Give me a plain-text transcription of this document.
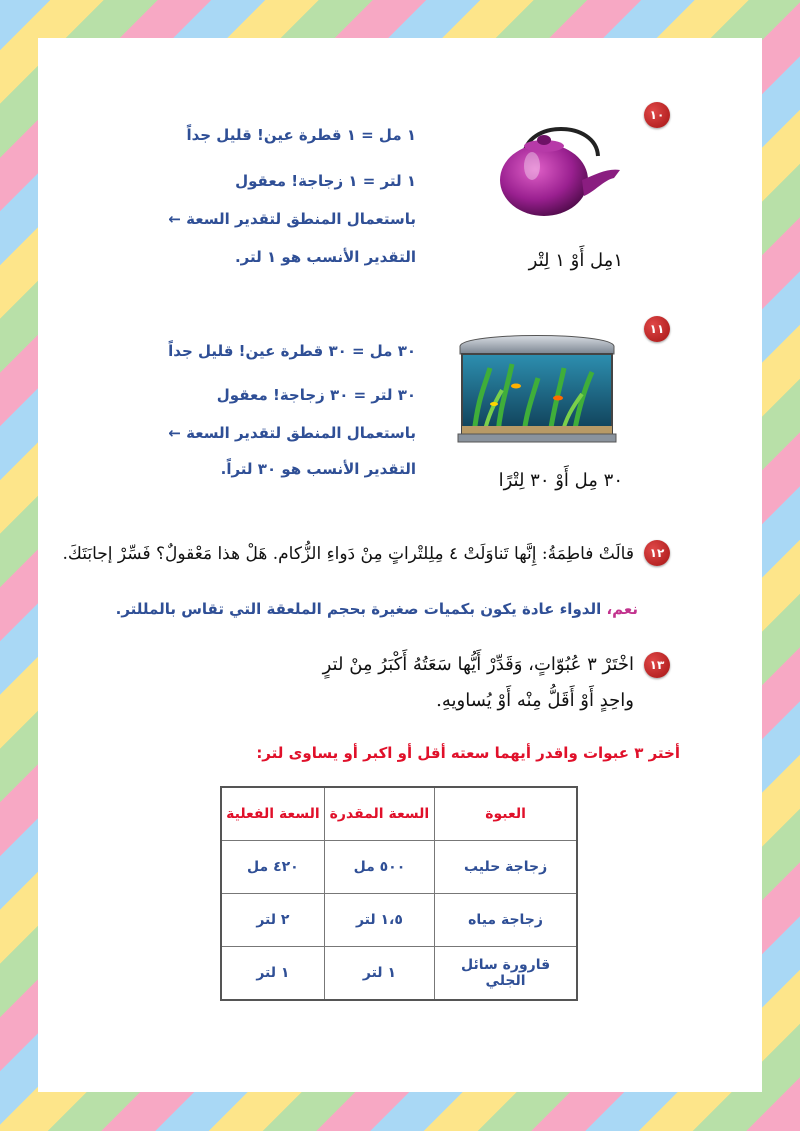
١٠
١مِل أَوْ ١ لِتْر
١ مل = ١ قطرة عين! قليل جداً
١ لتر = ١ زجاجة! معقول
باستعمال المنطق لتقدير السعة ←
التقدير الأنسب هو ١ لتر.
١١
٣٠ مِل أَوْ ٣٠ لِتْرًا
٣٠ مل = ٣٠ قطرة عين! قليل جداً
٣٠ لتر = ٣٠ زجاجة! معقول
باستعمال المنطق لتقدير السعة ←
التقدير الأنسب هو ٣٠ لتراً.
١٢
قالَتْ فاطِمَةُ: إِنَّها تَناوَلَتْ ٤ مِلِلتْراتٍ مِنْ دَواءِ الزُّكام. هَلْ هذا مَعْقولٌ؟ فَسِّرْ إجابَتَكَ.
نعم، الدواء عادة يكون بكميات صغيرة بحجم الملعقة التي تقاس بالمللتر.
١٣
اخْتَرْ ٣ عُبُوّاتٍ، وَقَدِّرْ أَيُّها سَعَتُهُ أَكْبَرُ مِنْ لترٍ
واحِدٍ أَوْ أَقَلُّ مِنْه أَوْ يُساويهِ.
أختر ٣ عبوات واقدر أيهما سعته أقل أو اكبر أو يساوى لتر:
العبوة	السعة المقدرة	السعة الفعلية
زجاجة حليب	٥٠٠ مل	٤٢٠ مل
زجاجة مياه	١،٥ لتر	٢ لتر
قارورة سائل الجلي	١ لتر	١ لتر
